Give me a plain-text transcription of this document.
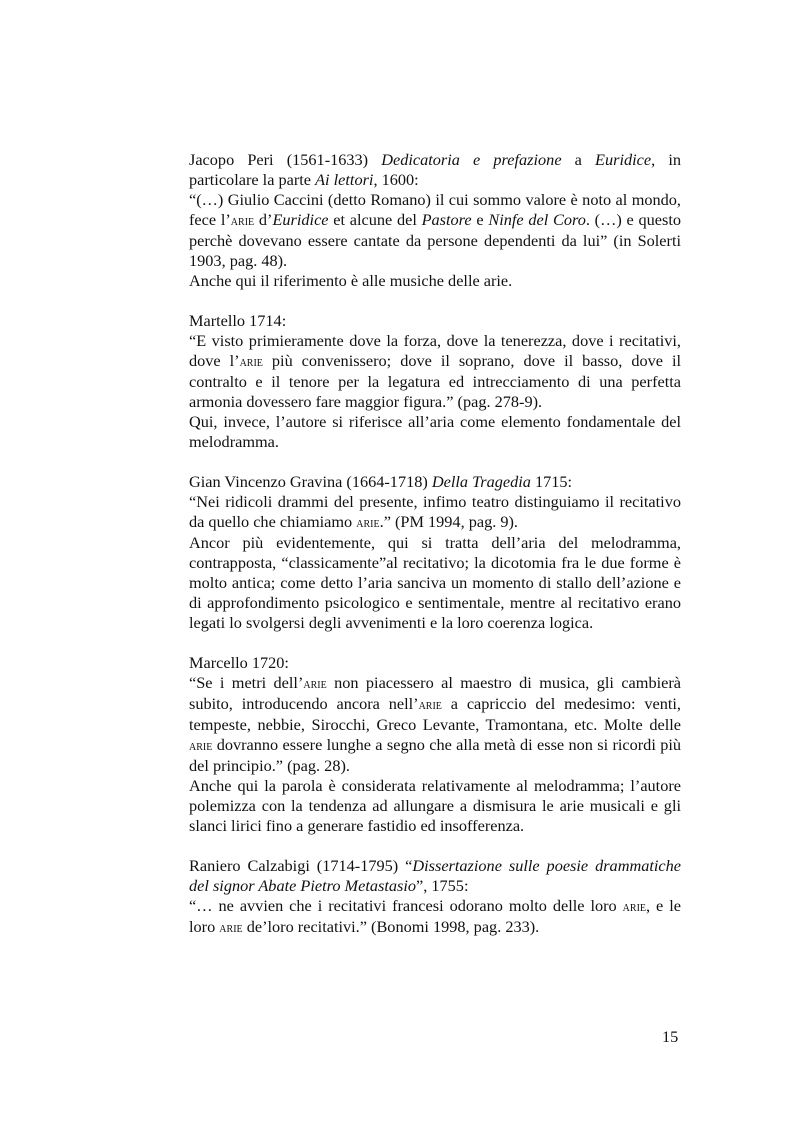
Jacopo Peri (1561-1633) Dedicatoria e prefazione a Euridice, in particolare la parte Ai lettori, 1600:

“(…) Giulio Caccini (detto Romano) il cui sommo valore è noto al mondo, fece l’arie d’Euridice et alcune del Pastore e Ninfe del Coro. (…) e questo perchè dovevano essere cantate da persone dependenti da lui” (in Solerti 1903, pag. 48).

Anche qui il riferimento è alle musiche delle arie.

Martello 1714:

“E visto primieramente dove la forza, dove la tenerezza, dove i recitativi, dove l’arie più convenissero; dove il soprano, dove il basso, dove il contralto e il tenore per la legatura ed intrecciamento di una perfetta armonia dovessero fare maggior figura.” (pag. 278-9).

Qui, invece, l’autore si riferisce all’aria come elemento fondamentale del melodramma.

Gian Vincenzo Gravina (1664-1718) Della Tragedia 1715:

“Nei ridicoli drammi del presente, infimo teatro distinguiamo il recitativo da quello che chiamiamo arie.” (PM 1994, pag. 9).

Ancor più evidentemente, qui si tratta dell’aria del melodramma, contrapposta, “classicamente”al recitativo; la dicotomia fra le due forme è molto antica; come detto l’aria sanciva un momento di stallo dell’azione e di approfondimento psicologico e sentimentale, mentre al recitativo erano legati lo svolgersi degli avvenimenti e la loro coerenza logica.

Marcello 1720:

“Se i metri dell’arie non piacessero al maestro di musica, gli cambierà subito, introducendo ancora nell’arie a capriccio del medesimo: venti, tempeste, nebbie, Sirocchi, Greco Levante, Tramontana, etc. Molte delle arie dovranno essere lunghe a segno che alla metà di esse non si ricordi più del principio.” (pag. 28).

Anche qui la parola è considerata relativamente al melodramma; l’autore polemizza con la tendenza ad allungare a dismisura le arie musicali e gli slanci lirici fino a generare fastidio ed insofferenza.

Raniero Calzabigi (1714-1795) “Dissertazione sulle poesie drammatiche del signor Abate Pietro Metastasio”, 1755:

“… ne avvien che i recitativi francesi odorano molto delle loro arie, e le loro arie de’loro recitativi.” (Bonomi 1998, pag. 233).

15
